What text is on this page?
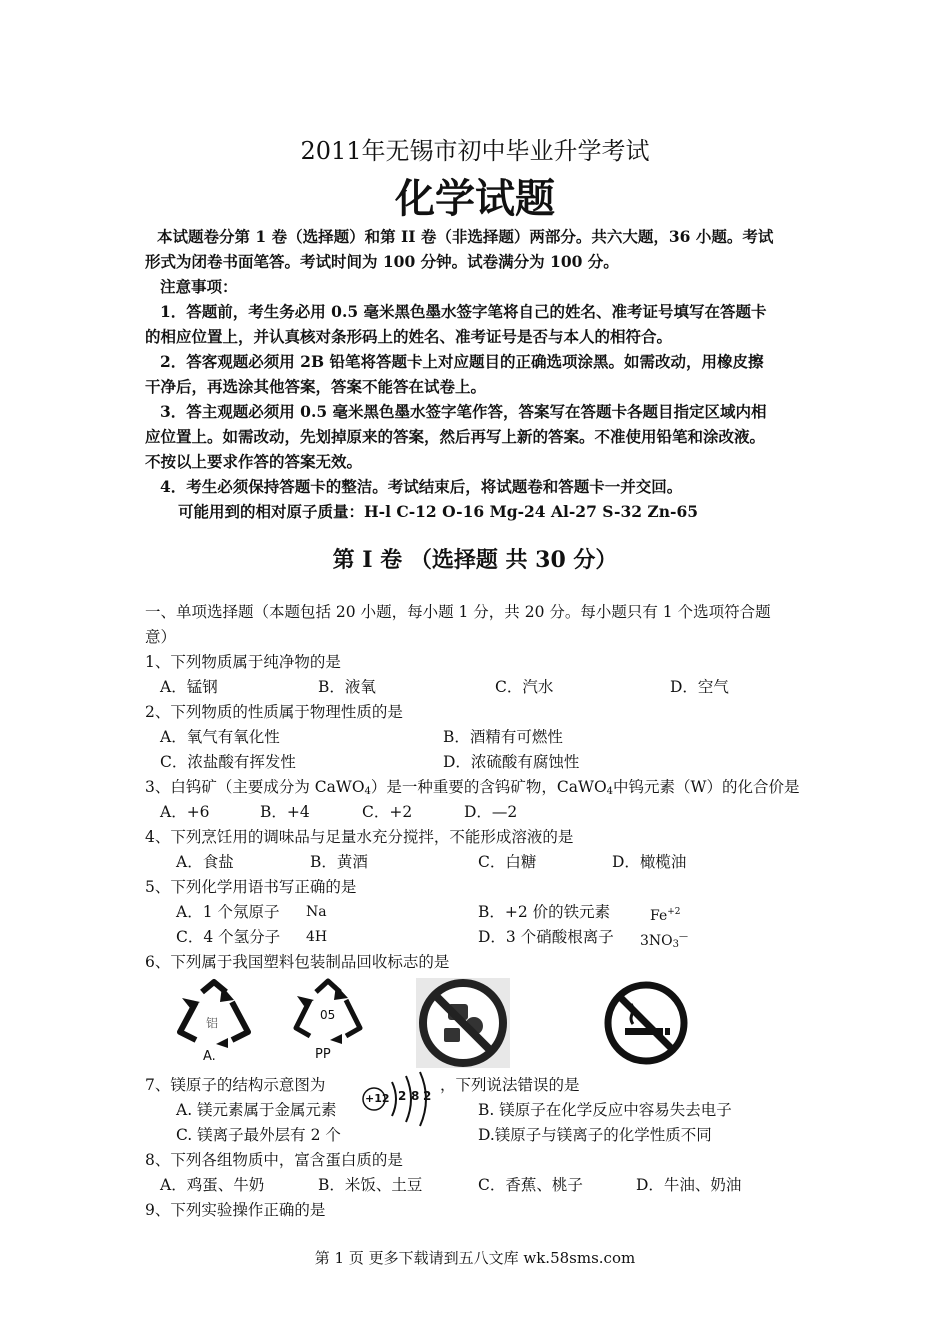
2011年无锡市初中毕业升学考试
化学试题
本试题卷分第 1 卷（选择题）和第 II 卷（非选择题）两部分。共六大题，36 小题。考试
形式为闭卷书面笔答。考试时间为 100 分钟。试卷满分为 100 分。
注意事项：
1．答题前，考生务必用 0.5 毫米黑色墨水签字笔将自己的姓名、准考证号填写在答题卡
的相应位置上，并认真核对条形码上的姓名、准考证号是否与本人的相符合。
2．答客观题必须用 2B 铅笔将答题卡上对应题目的正确选项涂黑。如需改动，用橡皮擦
干净后，再选涂其他答案，答案不能答在试卷上。
3．答主观题必须用 0.5 毫米黑色墨水签字笔作答，答案写在答题卡各题目指定区域内相
应位置上。如需改动，先划掉原来的答案，然后再写上新的答案。不准使用铅笔和涂改液。
不按以上要求作答的答案无效。
4．考生必须保持答题卡的整洁。考试结束后，将试题卷和答题卡一并交回。
可能用到的相对原子质量：H-l C-12 O-16 Mg-24 Al-27 S-32 Zn-65
第 I 卷 （选择题 共 30 分）
一、单项选择题（本题包括 20 小题，每小题 1 分，共 20 分。每小题只有 1 个选项符合题
意）
1、下列物质属于纯净物的是
A．锰钢	B．液氧	C．汽水	D．空气
2、下列物质的性质属于物理性质的是
A．氧气有氧化性	B．酒精有可燃性
C．浓盐酸有挥发性	D．浓硫酸有腐蚀性
3、白钨矿（主要成分为 CaWO$_4$）是一种重要的含钨矿物，CaWO$_4$中钨元素（W）的化合价是
A．+6	B．+4	C．+2	D．—2
4、下列烹饪用的调味品与足量水充分搅拌，不能形成溶液的是
A．食盐	B．黄酒	C．白糖	D．橄榄油
5、下列化学用语书写正确的是
A．1 个氖原子 Na	B．+2 价的铁元素	$Fe^{+2}$
C．4 个氢分子 4H	D．3 个硝酸根离子 $3NO_3^—$
6、下列属于我国塑料包装制品回收标志的是
铝
A.
05
PP
7、镁原子的结构示意图为
+12 2 8 2
，下列说法错误的是
A. 镁元素属于金属元素	B. 镁原子在化学反应中容易失去电子
C. 镁离子最外层有 2 个	D.镁原子与镁离子的化学性质不同
8、下列各组物质中，富含蛋白质的是
A．鸡蛋、牛奶	B．米饭、土豆	C．香蕉、桃子	D．牛油、奶油
9、下列实验操作正确的是
第 1 页 更多下载请到五八文库 wk.58sms.com
